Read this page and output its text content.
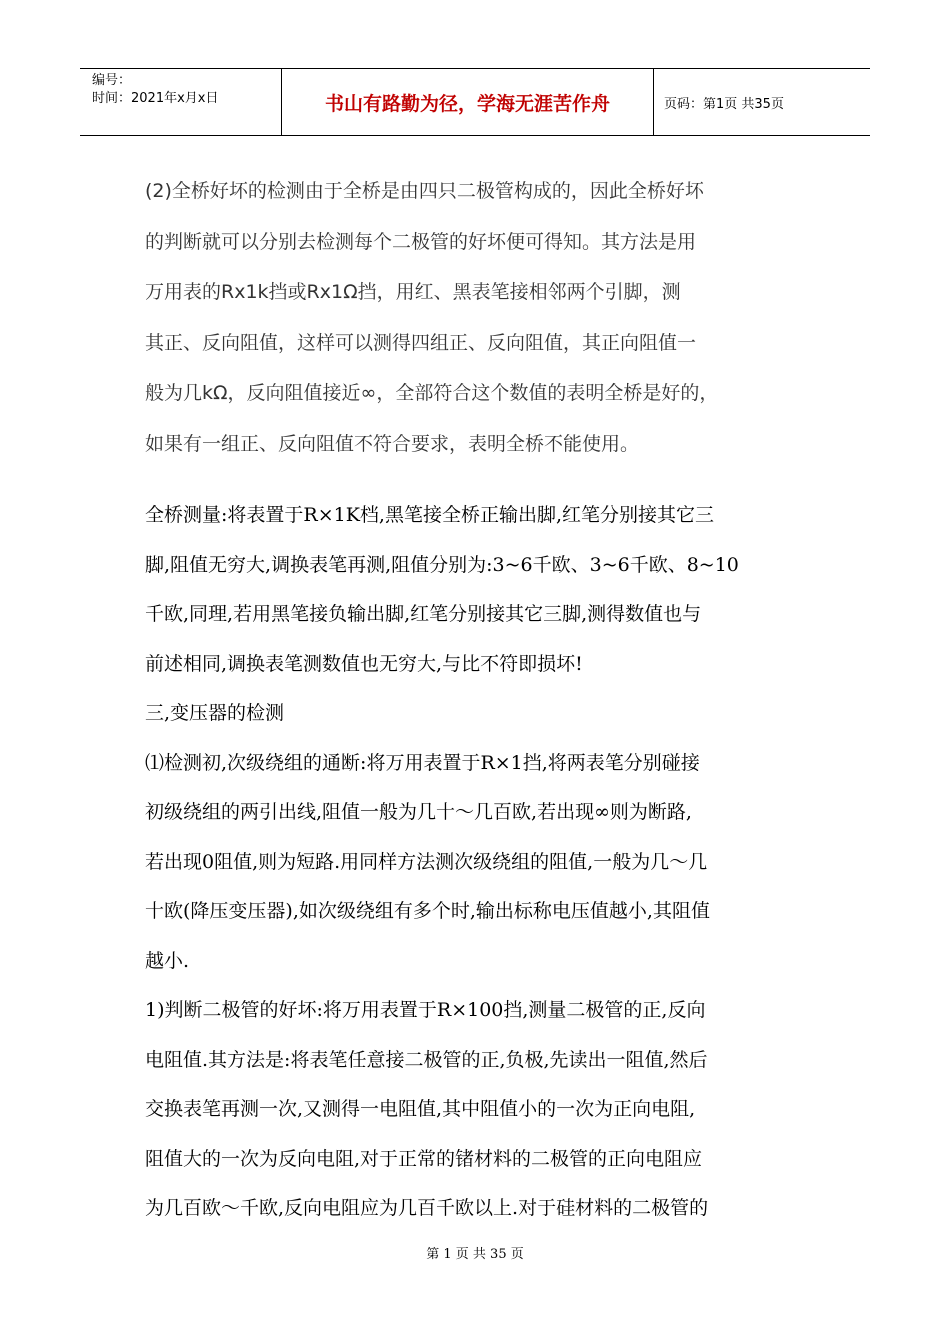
编号：
时间：2021年x月x日	书山有路勤为径，学海无涯苦作舟	页码：第1页 共35页

(2)全桥好坏的检测由于全桥是由四只二极管构成的，因此全桥好坏
的判断就可以分别去检测每个二极管的好坏便可得知。其方法是用
万用表的Rx1k挡或Rx1Ω挡，用红、黑表笔接相邻两个引脚，测
其正、反向阻值，这样可以测得四组正、反向阻值，其正向阻值一
般为几kΩ，反向阻值接近∞，全部符合这个数值的表明全桥是好的，
如果有一组正、反向阻值不符合要求，表明全桥不能使用。

全桥测量:将表置于R×1K档,黑笔接全桥正输出脚,红笔分别接其它三
脚,阻值无穷大,调换表笔再测,阻值分别为:3~6千欧、3~6千欧、8~10
千欧,同理,若用黑笔接负输出脚,红笔分别接其它三脚,测得数值也与
前述相同,调换表笔测数值也无穷大,与比不符即损坏!
三,变压器的检测
⑴检测初,次级绕组的通断:将万用表置于R×1挡,将两表笔分别碰接
初级绕组的两引出线,阻值一般为几十～几百欧,若出现∞则为断路,
若出现0阻值,则为短路.用同样方法测次级绕组的阻值,一般为几～几
十欧(降压变压器),如次级绕组有多个时,输出标称电压值越小,其阻值
越小.
1)判断二极管的好坏:将万用表置于R×100挡,测量二极管的正,反向
电阻值.其方法是:将表笔任意接二极管的正,负极,先读出一阻值,然后
交换表笔再测一次,又测得一电阻值,其中阻值小的一次为正向电阻,
阻值大的一次为反向电阻,对于正常的锗材料的二极管的正向电阻应
为几百欧～千欧,反向电阻应为几百千欧以上.对于硅材料的二极管的

第 1 页 共 35 页
